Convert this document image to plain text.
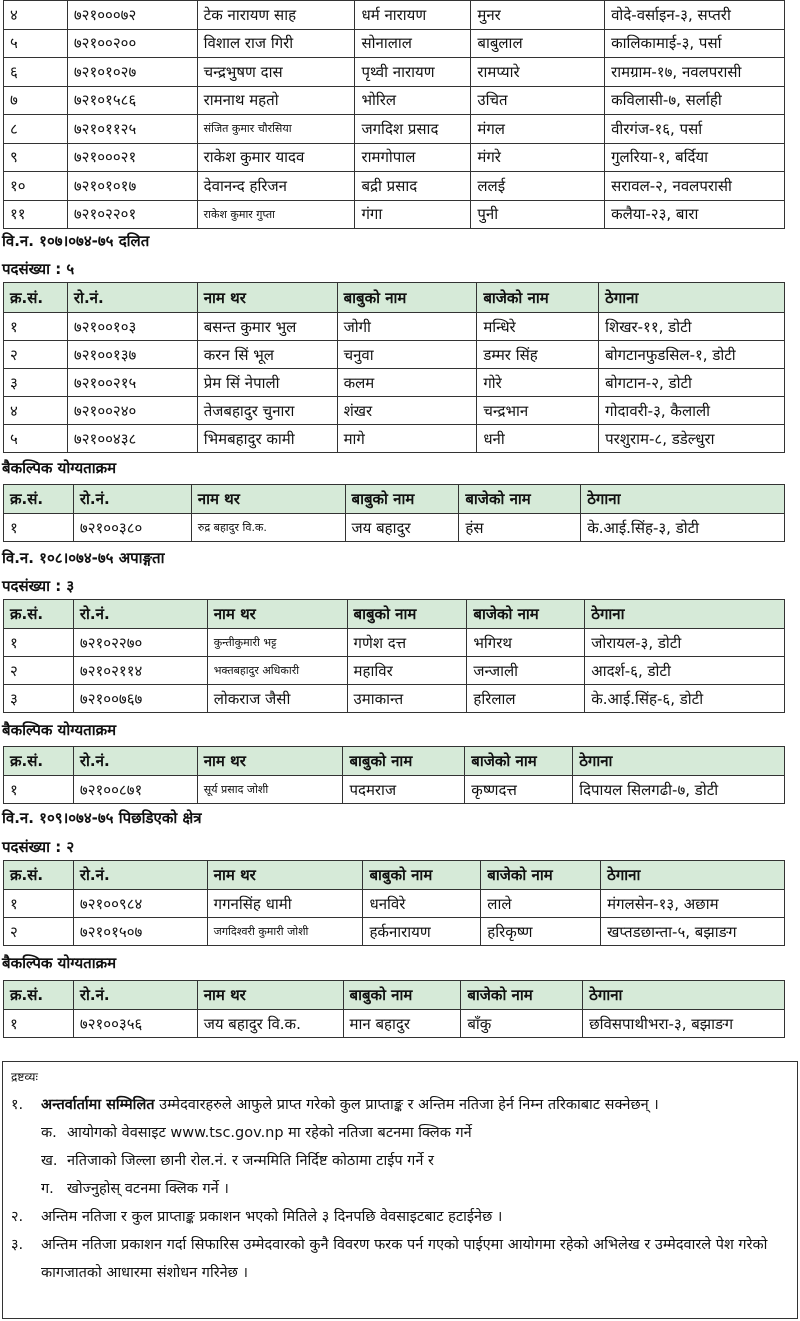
४	७२१०००७२	टेक नारायण साह	धर्म नारायण	मुनर	वोदे-वर्साइन-३, सप्तरी
५	७२१००२००	विशाल राज गिरी	सोनालाल	बाबुलाल	कालिकामाई-३, पर्सा
६	७२१०१०२७	चन्द्रभुषण दास	पृथ्वी नारायण	रामप्यारे	रामग्राम-१७, नवलपरासी
७	७२१०१५८६	रामनाथ महतो	भोरिल	उचित	कविलासी-७, सर्लाही
८	७२१०११२५	संजित कुमार चौरसिया	जगदिश प्रसाद	मंगल	वीरगंज-१६, पर्सा
९	७२१०००२१	राकेश कुमार यादव	रामगोपाल	मंगरे	गुलरिया-१, बर्दिया
१०	७२१०१०१७	देवानन्द हरिजन	बद्री प्रसाद	ललई	सरावल-२, नवलपरासी
११	७२१०२२०१	राकेश कुमार गुप्ता	गंगा	पुनी	कलैया-२३, बारा
वि.न. १०७।०७४-७५ दलित
पदसंख्या : ५
क्र.सं.	रो.नं.	नाम थर	बाबुको नाम	बाजेको नाम	ठेगाना
१	७२१००१०३	बसन्त कुमार भुल	जोगी	मन्धिरे	शिखर-११, डोटी
२	७२१००१३७	करन सिं भूल	चनुवा	डम्मर सिंह	बोगटानफुडसिल-१, डोटी
३	७२१००२१५	प्रेम सिं नेपाली	कलम	गोरे	बोगटान-२, डोटी
४	७२१००२४०	तेजबहादुर चुनारा	शंखर	चन्द्रभान	गोदावरी-३, कैलाली
५	७२१००४३८	भिमबहादुर कामी	मागे	धनी	परशुराम-८, डडेल्धुरा
बैकल्पिक योग्यताक्रम
क्र.सं.	रो.नं.	नाम थर	बाबुको नाम	बाजेको नाम	ठेगाना
१	७२१००३८०	रुद्र बहादुर वि.क.	जय बहादुर	हंस	के.आई.सिंह-३, डोटी
वि.न. १०८।०७४-७५ अपाङ्गता
पदसंख्या : ३
क्र.सं.	रो.नं.	नाम थर	बाबुको नाम	बाजेको नाम	ठेगाना
१	७२१०२२७०	कुन्तीकुमारी भट्ट	गणेश दत्त	भगिरथ	जोरायल-३, डोटी
२	७२१०२११४	भक्तबहादुर अधिकारी	महाविर	जन्जाली	आदर्श-६, डोटी
३	७२१००७६७	लोकराज जैसी	उमाकान्त	हरिलाल	के.आई.सिंह-६, डोटी
बैकल्पिक योग्यताक्रम
क्र.सं.	रो.नं.	नाम थर	बाबुको नाम	बाजेको नाम	ठेगाना
१	७२१००८७१	सूर्य प्रसाद जोशी	पदमराज	कृष्णदत्त	दिपायल सिलगढी-७, डोटी
वि.न. १०९।०७४-७५ पिछडिएको क्षेत्र
पदसंख्या : २
क्र.सं.	रो.नं.	नाम थर	बाबुको नाम	बाजेको नाम	ठेगाना
१	७२१००९८४	गगनसिंह धामी	धनविरे	लाले	मंगलसेन-१३, अछाम
२	७२१०१५०७	जगदिश्वरी कुमारी जोशी	हर्कनारायण	हरिकृष्ण	खप्तडछान्ता-५, बझाङग
बैकल्पिक योग्यताक्रम
क्र.सं.	रो.नं.	नाम थर	बाबुको नाम	बाजेको नाम	ठेगाना
१	७२१००३५६	जय बहादुर वि.क.	मान बहादुर	बाँकु	छविसपाथीभरा-३, बझाङग
द्रष्टव्यः
१.	अन्तर्वार्तामा सम्मिलित उम्मेदवारहरुले आफुले प्राप्त गरेको कुल प्राप्ताङ्क र अन्तिम नतिजा हेर्न निम्न तरिकाबाट सक्नेछन् ।
क. आयोगको वेवसाइट www.tsc.gov.np मा रहेको नतिजा बटनमा क्लिक गर्ने
ख. नतिजाको जिल्ला छानी रोल.नं. र जन्ममिति निर्दिष्ट कोठामा टाईप गर्ने र
ग. खोज्नुहोस् वटनमा क्लिक गर्ने ।
२.	अन्तिम नतिजा र कुल प्राप्ताङ्क प्रकाशन भएको मितिले ३ दिनपछि वेवसाइटबाट हटाईनेछ ।
३.	अन्तिम नतिजा प्रकाशन गर्दा सिफारिस उम्मेदवारको कुनै विवरण फरक पर्न गएको पाईएमा आयोगमा रहेको अभिलेख र उम्मेदवारले पेश गरेको कागजातको आधारमा संशोधन गरिनेछ ।
